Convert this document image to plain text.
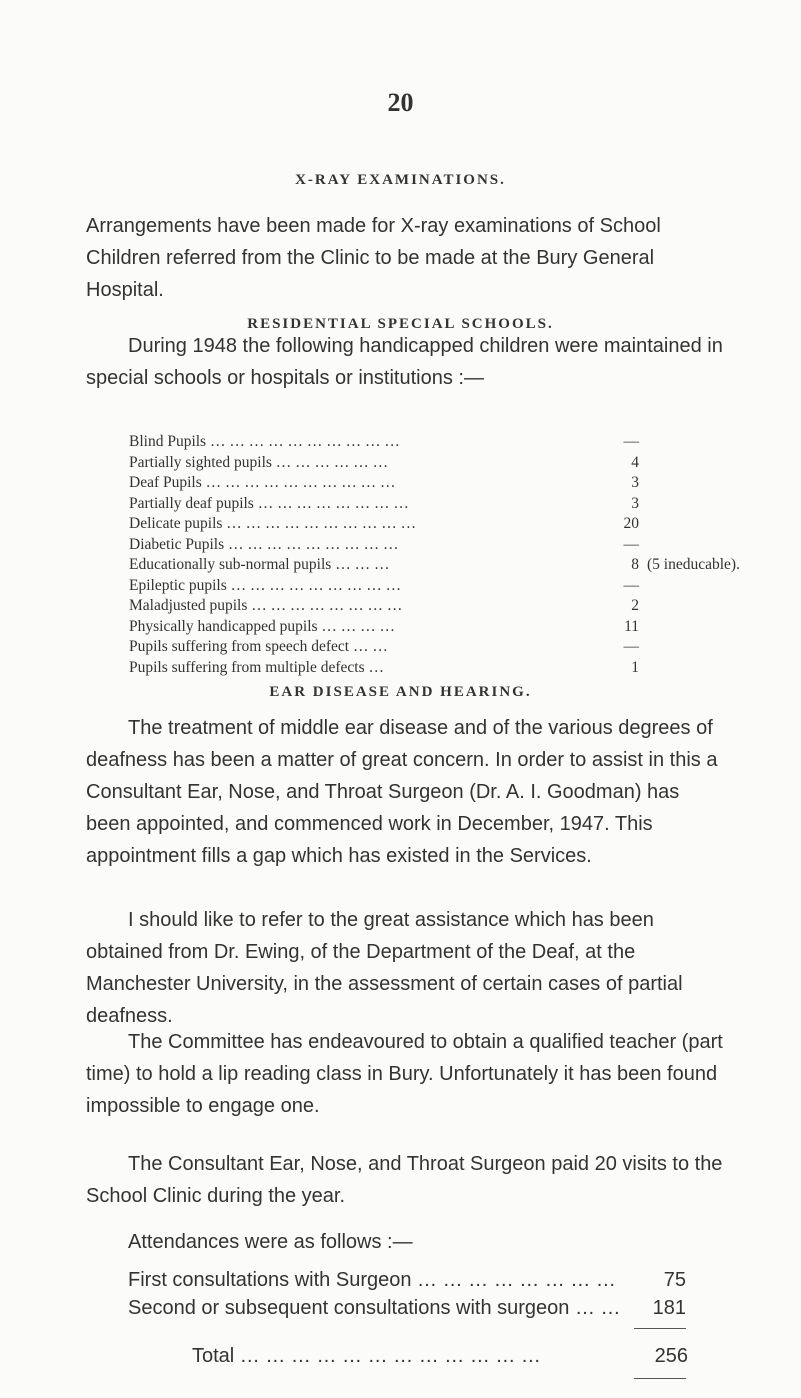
20
X-RAY EXAMINATIONS.
Arrangements have been made for X-ray examinations of School Children referred from the Clinic to be made at the Bury General Hospital.
RESIDENTIAL SPECIAL SCHOOLS.
During 1948 the following handicapped children were maintained in special schools or hospitals or institutions :—
Blind Pupils … … … … … … … … … …	—
Partially sighted pupils … … … … … …	4
Deaf Pupils … … … … … … … … … …	3
Partially deaf pupils … … … … … … … …	3
Delicate pupils … … … … … … … … … …	20
Diabetic Pupils … … … … … … … … …	—
Educationally sub-normal pupils … … …	8 (5 ineducable).
Epileptic pupils … … … … … … … … …	—
Maladjusted pupils … … … … … … … …	2
Physically handicapped pupils … … … …	11
Pupils suffering from speech defect … …	—
Pupils suffering from multiple defects …	1
EAR DISEASE AND HEARING.
The treatment of middle ear disease and of the various degrees of deafness has been a matter of great concern. In order to assist in this a Consultant Ear, Nose, and Throat Surgeon (Dr. A. I. Goodman) has been appointed, and commenced work in December, 1947. This appointment fills a gap which has existed in the Services.
I should like to refer to the great assistance which has been obtained from Dr. Ewing, of the Department of the Deaf, at the Manchester University, in the assessment of certain cases of partial deafness.
The Committee has endeavoured to obtain a qualified teacher (part time) to hold a lip reading class in Bury. Unfortunately it has been found impossible to engage one.
The Consultant Ear, Nose, and Throat Surgeon paid 20 visits to the School Clinic during the year.
Attendances were as follows :—
First consultations with Surgeon … … … … … … … …	75
Second or subsequent consultations with surgeon … …	181
Total … … … … … … … … … … … …	256
